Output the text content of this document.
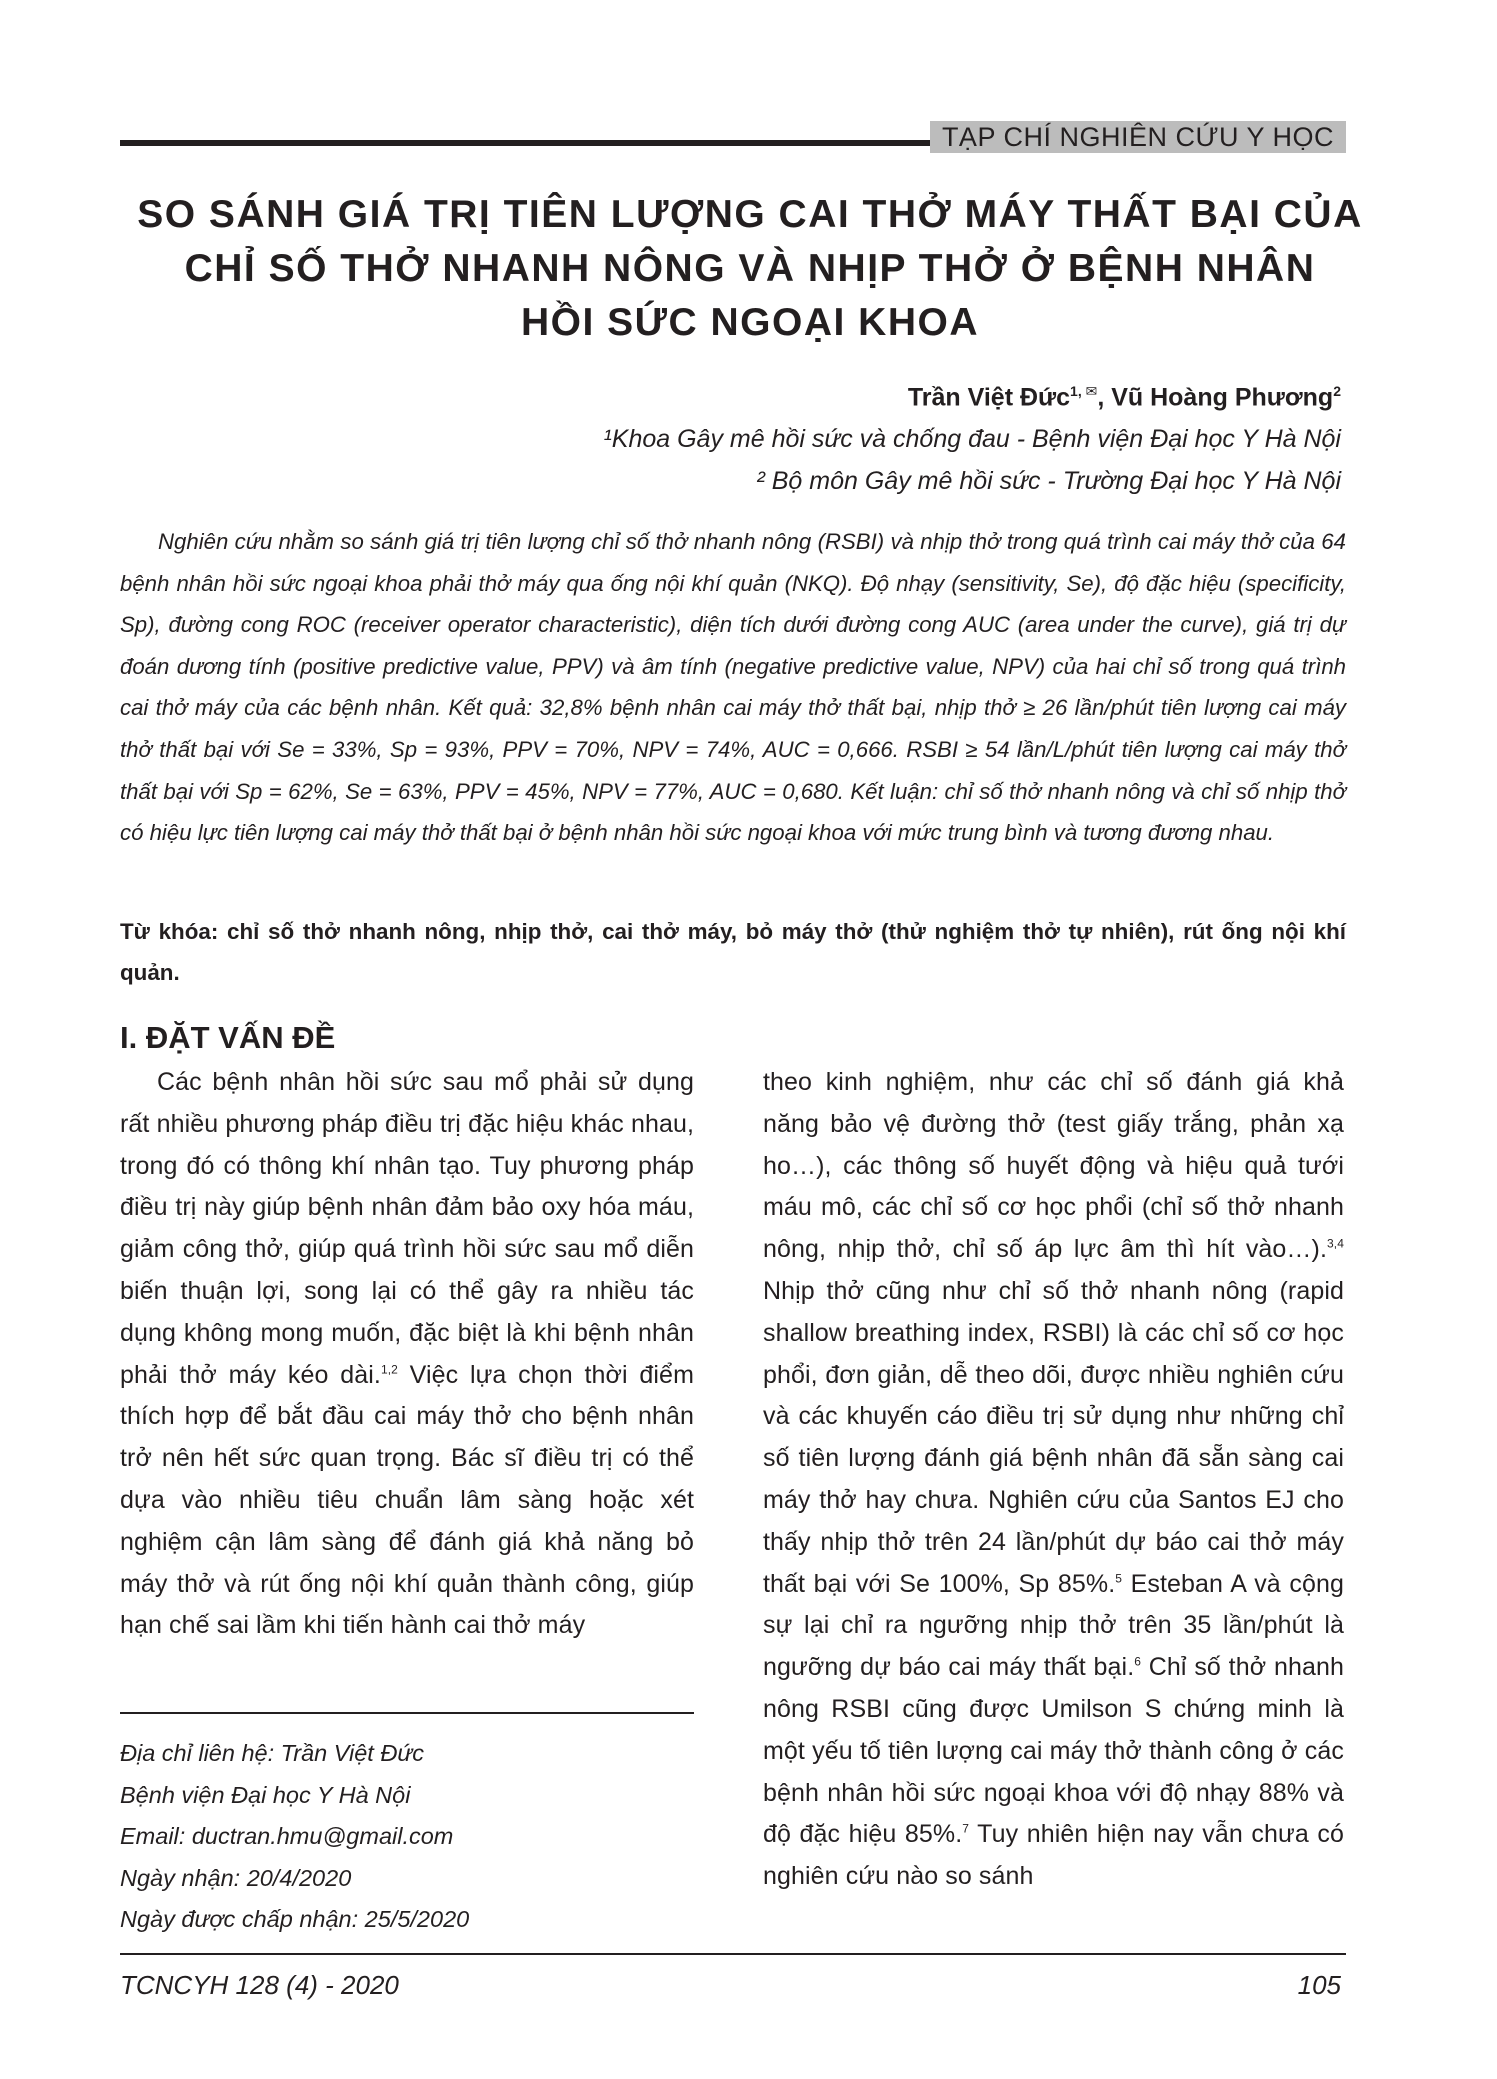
TẠP CHÍ NGHIÊN CỨU Y HỌC
SO SÁNH GIÁ TRỊ TIÊN LƯỢNG CAI THỞ MÁY THẤT BẠI CỦA
CHỈ SỐ THỞ NHANH NÔNG VÀ NHỊP THỞ Ở BỆNH NHÂN
HỒI SỨC NGOẠI KHOA
Trần Việt Đức$^{1, ✉}$, Vũ Hoàng Phương$^2$
¹Khoa Gây mê hồi sức và chống đau - Bệnh viện Đại học Y Hà Nội
² Bộ môn Gây mê hồi sức - Trường Đại học Y Hà Nội
Nghiên cứu nhằm so sánh giá trị tiên lượng chỉ số thở nhanh nông (RSBI) và nhịp thở trong quá trình cai máy thở của 64 bệnh nhân hồi sức ngoại khoa phải thở máy qua ống nội khí quản (NKQ). Độ nhạy (sensitivity, Se), độ đặc hiệu (specificity, Sp), đường cong ROC (receiver operator characteristic), diện tích dưới đường cong AUC (area under the curve), giá trị dự đoán dương tính (positive predictive value, PPV) và âm tính (negative predictive value, NPV) của hai chỉ số trong quá trình cai thở máy của các bệnh nhân. Kết quả: 32,8% bệnh nhân cai máy thở thất bại, nhịp thở ≥ 26 lần/phút tiên lượng cai máy thở thất bại với Se = 33%, Sp = 93%, PPV = 70%, NPV = 74%, AUC = 0,666. RSBI ≥ 54 lần/L/phút tiên lượng cai máy thở thất bại với Sp = 62%, Se = 63%, PPV = 45%, NPV = 77%, AUC = 0,680. Kết luận: chỉ số thở nhanh nông và chỉ số nhịp thở có hiệu lực tiên lượng cai máy thở thất bại ở bệnh nhân hồi sức ngoại khoa với mức trung bình và tương đương nhau.
Từ khóa: chỉ số thở nhanh nông, nhịp thở, cai thở máy, bỏ máy thở (thử nghiệm thở tự nhiên), rút ống nội khí quản.
I. ĐẶT VẤN ĐỀ
Các bệnh nhân hồi sức sau mổ phải sử dụng rất nhiều phương pháp điều trị đặc hiệu khác nhau, trong đó có thông khí nhân tạo. Tuy phương pháp điều trị này giúp bệnh nhân đảm bảo oxy hóa máu, giảm công thở, giúp quá trình hồi sức sau mổ diễn biến thuận lợi, song lại có thể gây ra nhiều tác dụng không mong muốn, đặc biệt là khi bệnh nhân phải thở máy kéo dài.$^{1,2}$ Việc lựa chọn thời điểm thích hợp để bắt đầu cai máy thở cho bệnh nhân trở nên hết sức quan trọng. Bác sĩ điều trị có thể dựa vào nhiều tiêu chuẩn lâm sàng hoặc xét nghiệm cận lâm sàng để đánh giá khả năng bỏ máy thở và rút ống nội khí quản thành công, giúp hạn chế sai lầm khi tiến hành cai thở máy
theo kinh nghiệm, như các chỉ số đánh giá khả năng bảo vệ đường thở (test giấy trắng, phản xạ ho…), các thông số huyết động và hiệu quả tưới máu mô, các chỉ số cơ học phổi (chỉ số thở nhanh nông, nhịp thở, chỉ số áp lực âm thì hít vào…).$^{3,4}$ Nhịp thở cũng như chỉ số thở nhanh nông (rapid shallow breathing index, RSBI) là các chỉ số cơ học phổi, đơn giản, dễ theo dõi, được nhiều nghiên cứu và các khuyến cáo điều trị sử dụng như những chỉ số tiên lượng đánh giá bệnh nhân đã sẵn sàng cai máy thở hay chưa. Nghiên cứu của Santos EJ cho thấy nhịp thở trên 24 lần/phút dự báo cai thở máy thất bại với Se 100%, Sp 85%.$^5$ Esteban A và cộng sự lại chỉ ra ngưỡng nhịp thở trên 35 lần/phút là ngưỡng dự báo cai máy thất bại.$^6$ Chỉ số thở nhanh nông RSBI cũng được Umilson S chứng minh là một yếu tố tiên lượng cai máy thở thành công ở các bệnh nhân hồi sức ngoại khoa với độ nhạy 88% và độ đặc hiệu 85%.$^7$ Tuy nhiên hiện nay vẫn chưa có nghiên cứu nào so sánh
Địa chỉ liên hệ: Trần Việt Đức
Bệnh viện Đại học Y Hà Nội
Email: ductran.hmu@gmail.com
Ngày nhận: 20/4/2020
Ngày được chấp nhận: 25/5/2020
TCNCYH 128 (4) - 2020	105
